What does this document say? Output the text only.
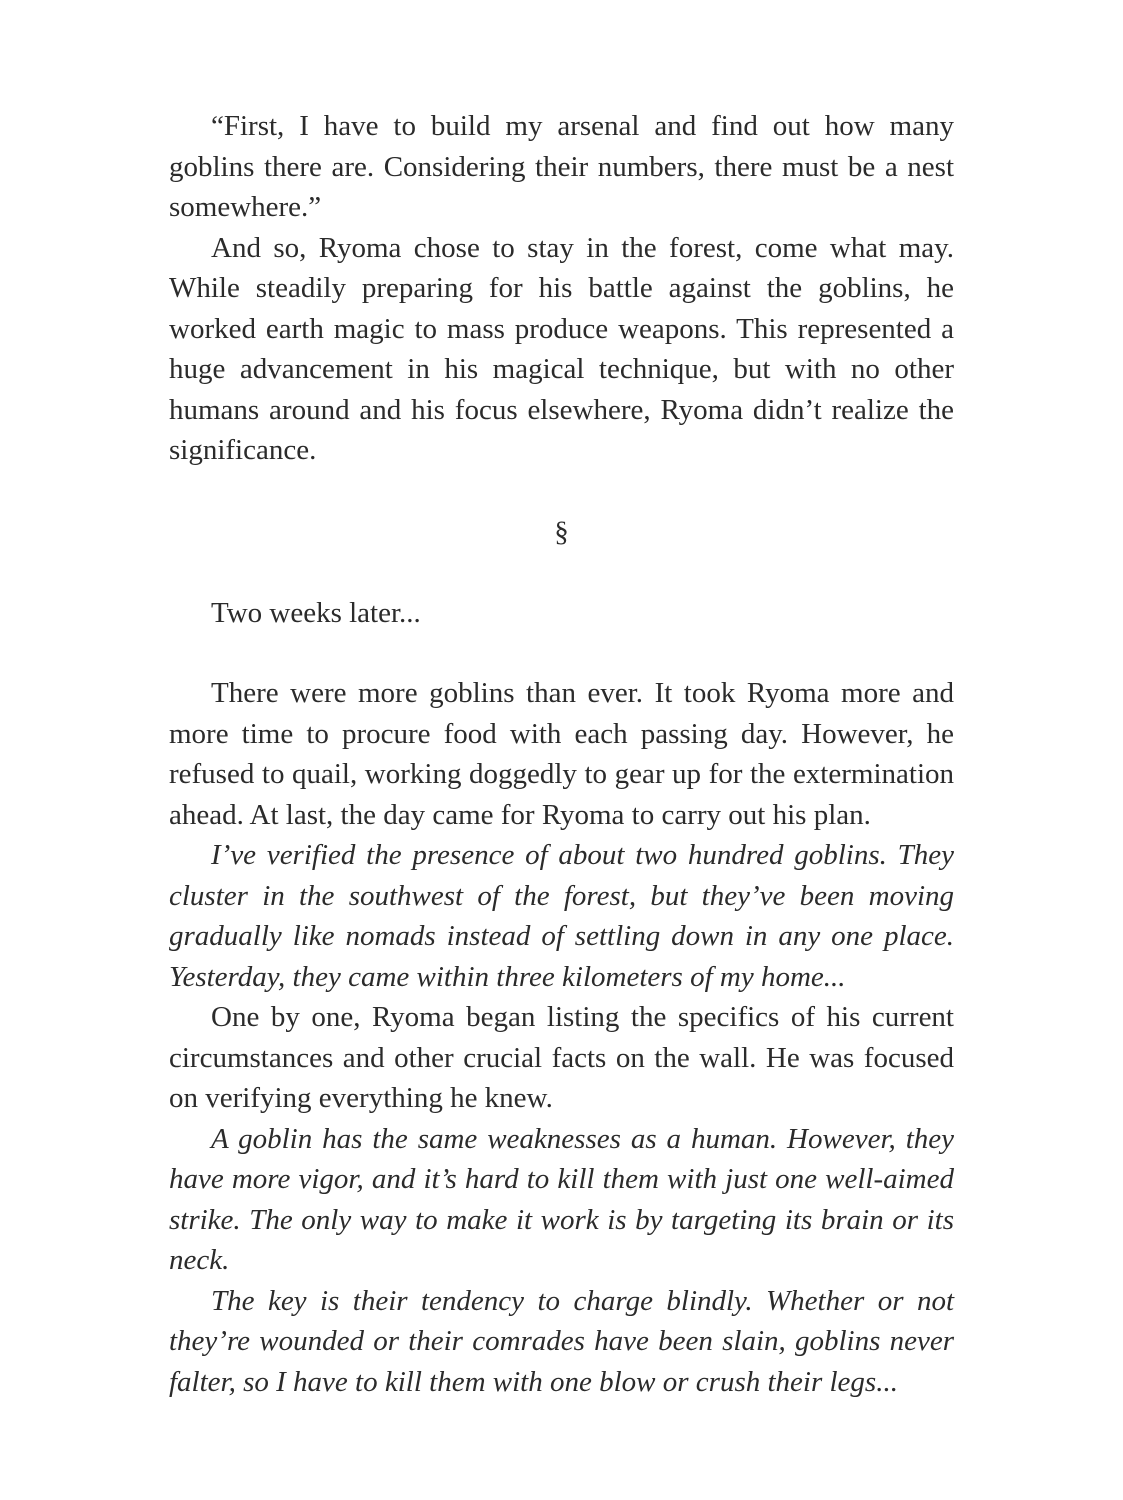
“First, I have to build my arsenal and find out how many goblins there are. Considering their numbers, there must be a nest somewhere.”

And so, Ryoma chose to stay in the forest, come what may. While steadily preparing for his battle against the goblins, he worked earth magic to mass produce weapons. This represented a huge advancement in his magical technique, but with no other humans around and his focus elsewhere, Ryoma didn’t realize the significance.

§
Two weeks later...

There were more goblins than ever. It took Ryoma more and more time to procure food with each passing day. However, he refused to quail, working doggedly to gear up for the extermination ahead. At last, the day came for Ryoma to carry out his plan.

I’ve verified the presence of about two hundred goblins. They cluster in the southwest of the forest, but they’ve been moving gradually like nomads instead of settling down in any one place. Yesterday, they came within three kilometers of my home...

One by one, Ryoma began listing the specifics of his current circumstances and other crucial facts on the wall. He was focused on verifying everything he knew.

A goblin has the same weaknesses as a human. However, they have more vigor, and it’s hard to kill them with just one well-aimed strike. The only way to make it work is by targeting its brain or its neck.

The key is their tendency to charge blindly. Whether or not they’re wounded or their comrades have been slain, goblins never falter, so I have to kill them with one blow or crush their legs...
